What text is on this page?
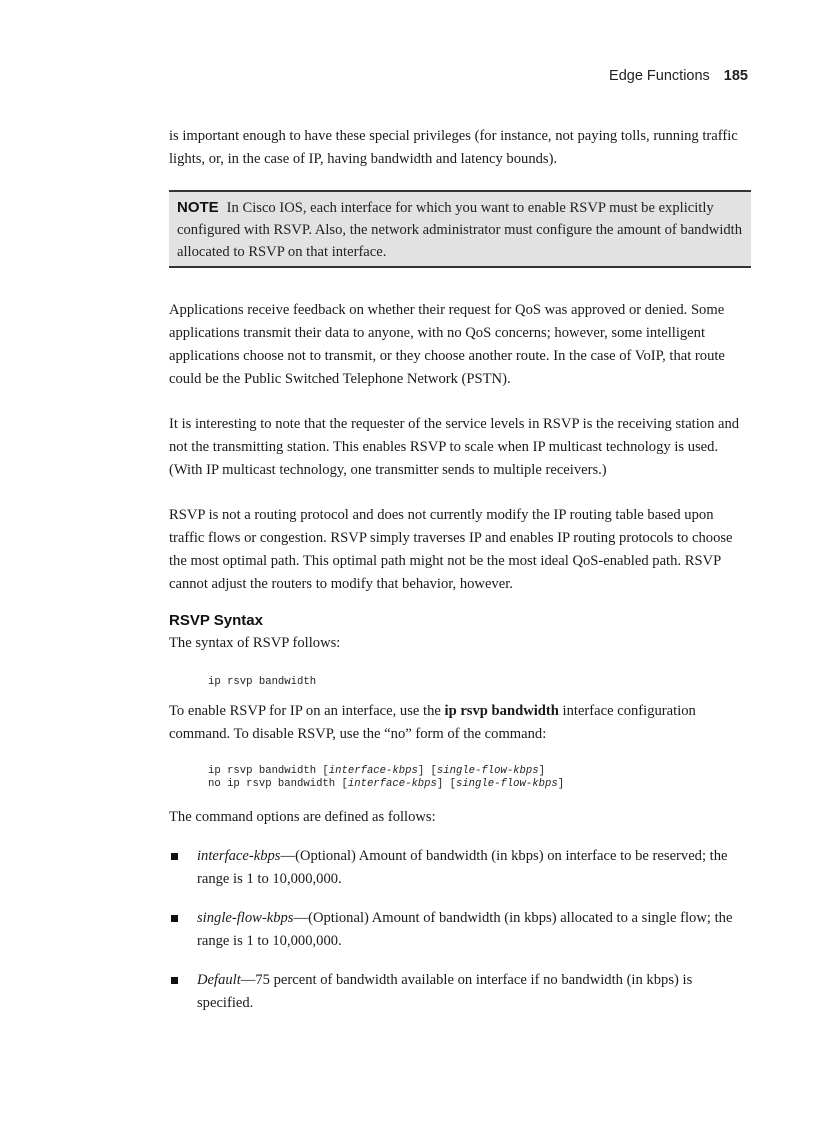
Edge Functions 185

is important enough to have these special privileges (for instance, not paying tolls, running traffic lights, or, in the case of IP, having bandwidth and latency bounds).

NOTE In Cisco IOS, each interface for which you want to enable RSVP must be explicitly configured with RSVP. Also, the network administrator must configure the amount of bandwidth allocated to RSVP on that interface.

Applications receive feedback on whether their request for QoS was approved or denied. Some applications transmit their data to anyone, with no QoS concerns; however, some intelligent applications choose not to transmit, or they choose another route. In the case of VoIP, that route could be the Public Switched Telephone Network (PSTN).

It is interesting to note that the requester of the service levels in RSVP is the receiving station and not the transmitting station. This enables RSVP to scale when IP multicast technology is used. (With IP multicast technology, one transmitter sends to multiple receivers.)

RSVP is not a routing protocol and does not currently modify the IP routing table based upon traffic flows or congestion. RSVP simply traverses IP and enables IP routing protocols to choose the most optimal path. This optimal path might not be the most ideal QoS-enabled path. RSVP cannot adjust the routers to modify that behavior, however.

RSVP Syntax

The syntax of RSVP follows:

ip rsvp bandwidth

To enable RSVP for IP on an interface, use the ip rsvp bandwidth interface configuration command. To disable RSVP, use the “no” form of the command:

ip rsvp bandwidth [interface-kbps] [single-flow-kbps]
no ip rsvp bandwidth [interface-kbps] [single-flow-kbps]

The command options are defined as follows:

interface-kbps—(Optional) Amount of bandwidth (in kbps) on interface to be reserved; the range is 1 to 10,000,000.
single-flow-kbps—(Optional) Amount of bandwidth (in kbps) allocated to a single flow; the range is 1 to 10,000,000.
Default—75 percent of bandwidth available on interface if no bandwidth (in kbps) is specified.
